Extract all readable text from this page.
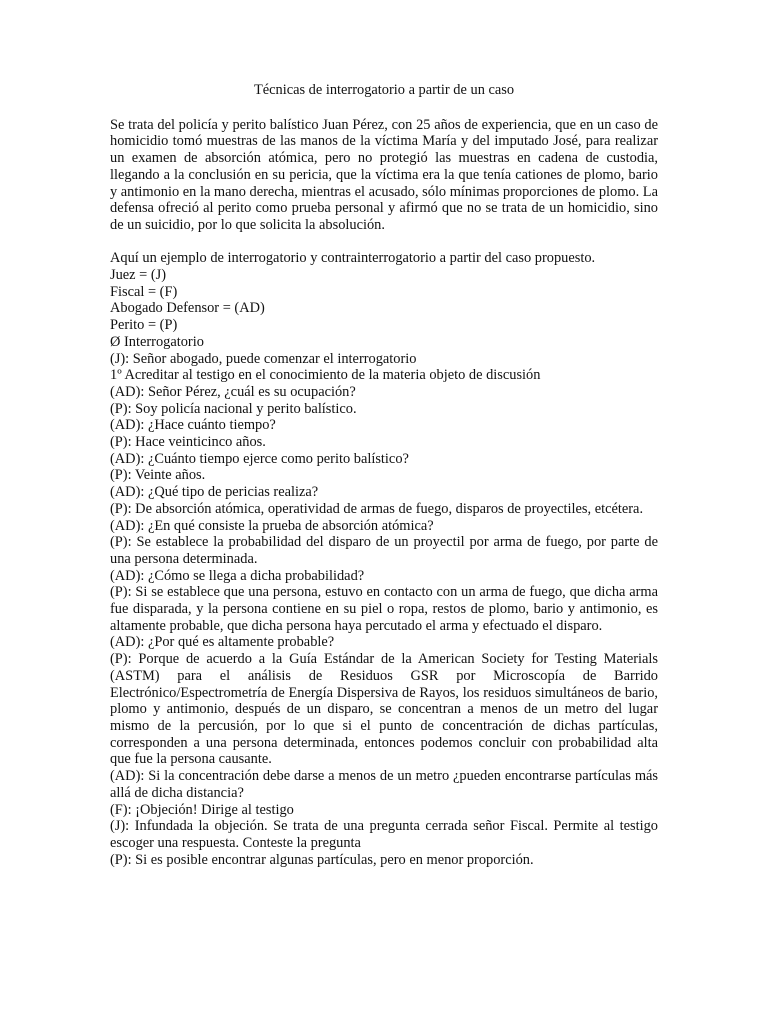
Técnicas de interrogatorio a partir de un caso

Se trata del policía y perito balístico Juan Pérez, con 25 años de experiencia, que en un caso de homicidio tomó muestras de las manos de la víctima María y del imputado José, para realizar un examen de absorción atómica, pero no protegió las muestras en cadena de custodia, llegando a la conclusión en su pericia, que la víctima era la que tenía cationes de plomo, bario y antimonio en la mano derecha, mientras el acusado, sólo mínimas proporciones de plomo. La defensa ofreció al perito como prueba personal y afirmó que no se trata de un homicidio, sino de un suicidio, por lo que solicita la absolución.

Aquí un ejemplo de interrogatorio y contrainterrogatorio a partir del caso propuesto.

Juez = (J)

Fiscal = (F)

Abogado Defensor = (AD)

Perito = (P)

Ø Interrogatorio

(J): Señor abogado, puede comenzar el interrogatorio

1º Acreditar al testigo en el conocimiento de la materia objeto de discusión

(AD): Señor Pérez, ¿cuál es su ocupación?

(P): Soy policía nacional y perito balístico.

(AD): ¿Hace cuánto tiempo?

(P): Hace veinticinco años.

(AD): ¿Cuánto tiempo ejerce como perito balístico?

(P): Veinte años.

(AD): ¿Qué tipo de pericias realiza?

(P): De absorción atómica, operatividad de armas de fuego, disparos de proyectiles, etcétera.

(AD): ¿En qué consiste la prueba de absorción atómica?

(P): Se establece la probabilidad del disparo de un proyectil por arma de fuego, por parte de una persona determinada.

(AD): ¿Cómo se llega a dicha probabilidad?

(P): Si se establece que una persona, estuvo en contacto con un arma de fuego, que dicha arma fue disparada, y la persona contiene en su piel o ropa, restos de plomo, bario y antimonio, es altamente probable, que dicha persona haya percutado el arma y efectuado el disparo.

(AD): ¿Por qué es altamente probable?

(P): Porque de acuerdo a la Guía Estándar de la American Society for Testing Materials (ASTM) para el análisis de Residuos GSR por Microscopía de Barrido Electrónico/Espectrometría de Energía Dispersiva de Rayos, los residuos simultáneos de bario, plomo y antimonio, después de un disparo, se concentran a menos de un metro del lugar mismo de la percusión, por lo que si el punto de concentración de dichas partículas, corresponden a una persona determinada, entonces podemos concluir con probabilidad alta que fue la persona causante.

(AD): Si la concentración debe darse a menos de un metro ¿pueden encontrarse partículas más allá de dicha distancia?

(F): ¡Objeción! Dirige al testigo

(J): Infundada la objeción. Se trata de una pregunta cerrada señor Fiscal. Permite al testigo escoger una respuesta. Conteste la pregunta

(P): Si es posible encontrar algunas partículas, pero en menor proporción.
